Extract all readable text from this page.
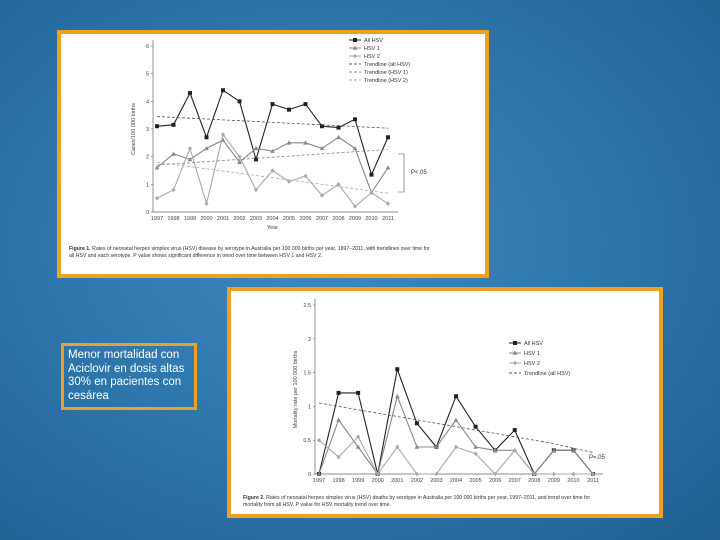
0
1
2
3
4
5
6
1997 1998 1999 2000 2001 2002 2003 2004 2005 2006 2007 2008 2009 2010 2011
Cases/100 000 births
Year
All HSV
HSV 1
HSV 2
Trendline (all HSV)
Trendline (HSV 1)
Trendline (HSV 2)
P<.05
Figure 1. Rates of neonatal herpes simplex virus (HSV) disease by serotype in Australia per 100 000 births per year, 1997–2011, with trendlines over time for all HSV and each serotype. P value shows significant difference in trend over time between HSV 1 and HSV 2.
0
0.5
1
1.5
2
2.5
1997 1998 1999 2000 2001 2002 2003 2004 2005 2006 2007 2008 2009 2010 2011
Mortality rate per 100 000 births
All HSV
HSV 1
HSV 2
Trendline (all HSV)
P=.05
Figure 2. Rates of neonatal herpes simplex virus (HSV) deaths by serotype in Australia per 100 000 births per year, 1997–2011, and trend over time for mortality from all HSV. P value for HSV mortality trend over time.
Menor mortalidad con
Aciclovir en dosis altas
30% en pacientes con
cesárea
